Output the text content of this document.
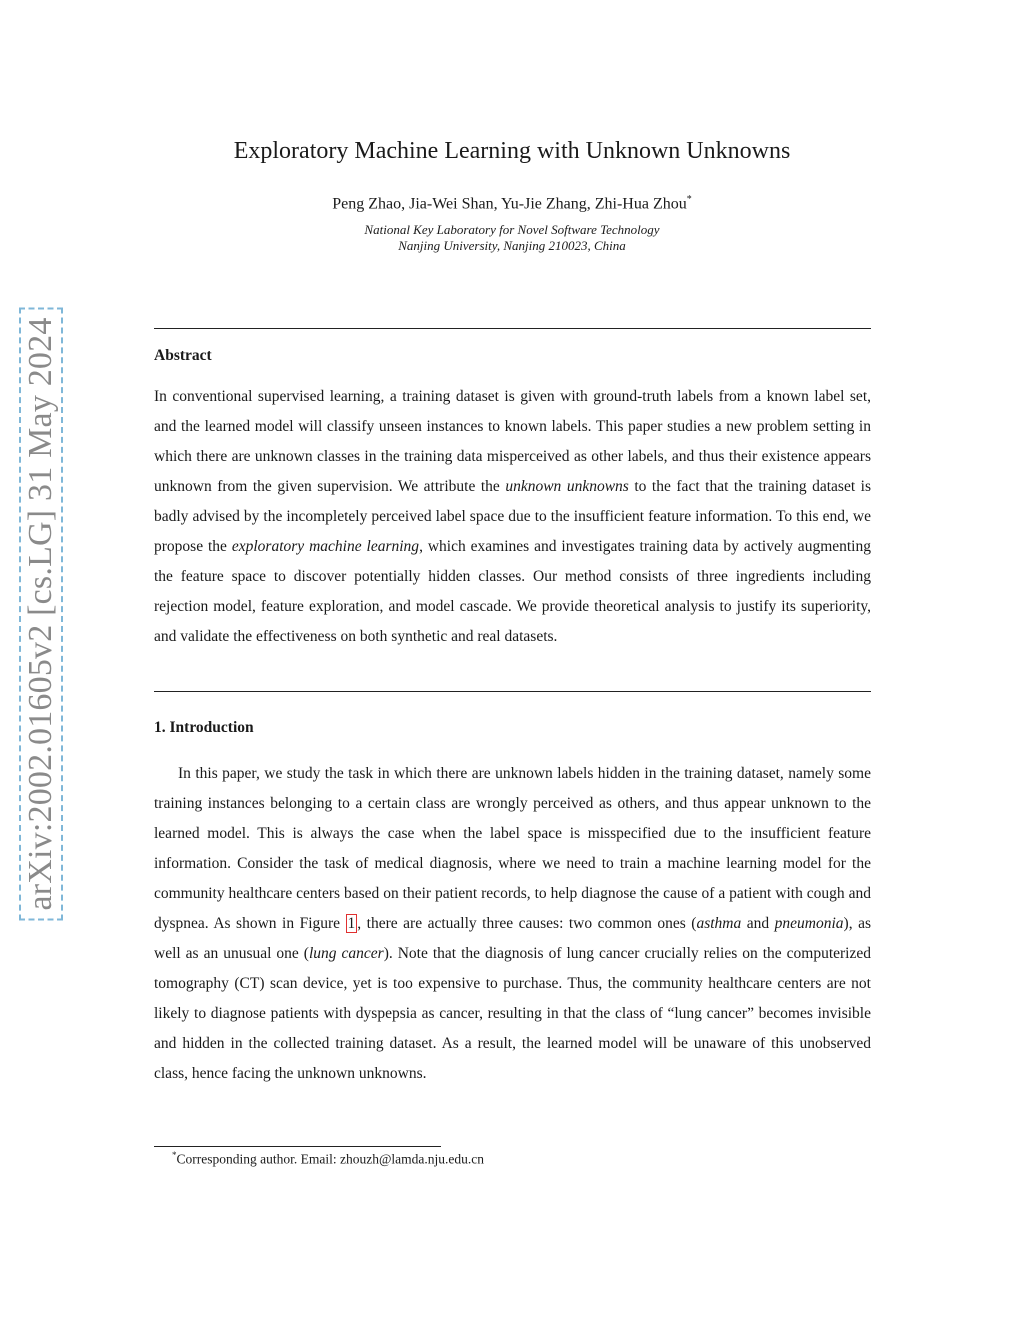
arXiv:2002.01605v2 [cs.LG] 31 May 2024
Exploratory Machine Learning with Unknown Unknowns
Peng Zhao, Jia-Wei Shan, Yu-Jie Zhang, Zhi-Hua Zhou*
National Key Laboratory for Novel Software Technology
Nanjing University, Nanjing 210023, China
Abstract
In conventional supervised learning, a training dataset is given with ground-truth labels from a known label set, and the learned model will classify unseen instances to known labels. This paper studies a new problem setting in which there are unknown classes in the training data misperceived as other labels, and thus their existence appears unknown from the given supervision. We attribute the unknown unknowns to the fact that the training dataset is badly advised by the incompletely perceived label space due to the insufficient feature information. To this end, we propose the exploratory machine learning, which examines and investigates training data by actively augmenting the feature space to discover potentially hidden classes. Our method consists of three ingredients including rejection model, feature exploration, and model cascade. We provide theoretical analysis to justify its superiority, and validate the effectiveness on both synthetic and real datasets.
1. Introduction
In this paper, we study the task in which there are unknown labels hidden in the training dataset, namely some training instances belonging to a certain class are wrongly perceived as others, and thus appear unknown to the learned model. This is always the case when the label space is misspecified due to the insufficient feature information. Consider the task of medical diagnosis, where we need to train a machine learning model for the community healthcare centers based on their patient records, to help diagnose the cause of a patient with cough and dyspnea. As shown in Figure 1 , there are actually three causes: two common ones (asthma and pneumonia), as well as an unusual one (lung cancer). Note that the diagnosis of lung cancer crucially relies on the computerized tomography (CT) scan device, yet is too expensive to purchase. Thus, the community healthcare centers are not likely to diagnose patients with dyspepsia as cancer, resulting in that the class of “lung cancer” becomes invisible and hidden in the collected training dataset. As a result, the learned model will be unaware of this unobserved class, hence facing the unknown unknowns.
*Corresponding author. Email: zhouzh@lamda.nju.edu.cn
